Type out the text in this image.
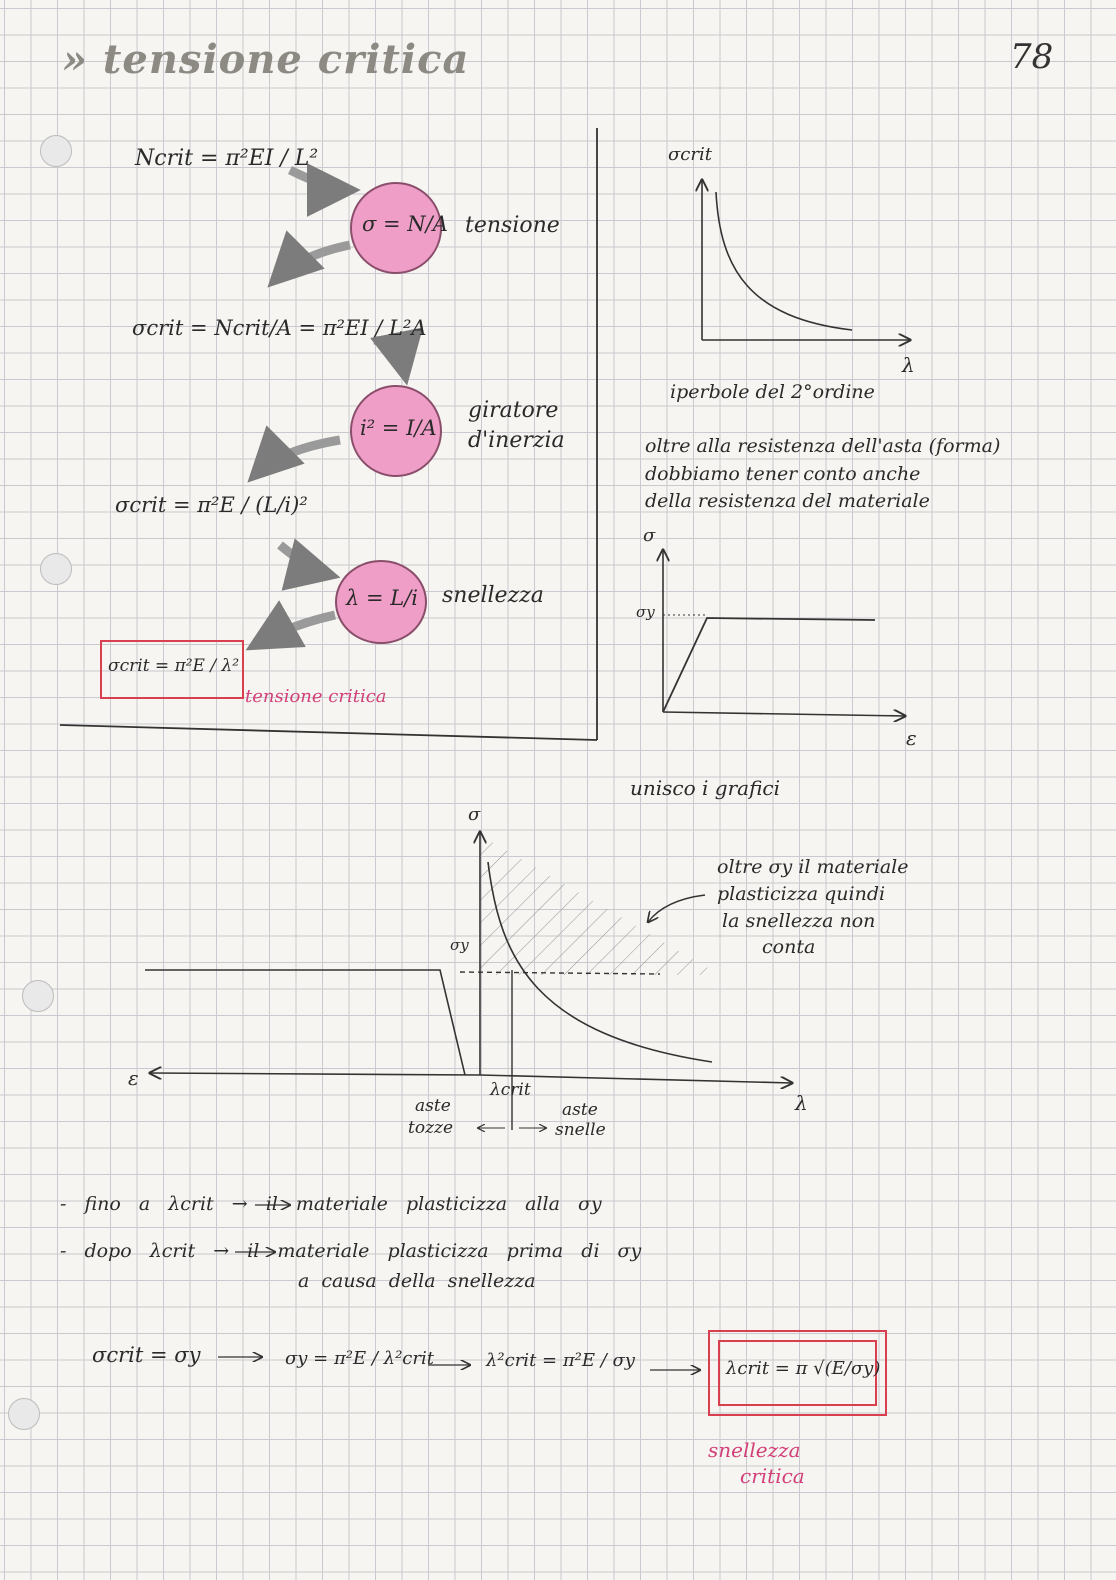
» tensione critica	78
Ncrit = π²EI / L²
σ = N/A tensione
σcrit = Ncrit/A = π²EI / L²A
i² = I/A
giratore
d'inerzia
σcrit = π²E / (L/i)²
λ = L/i snellezza
σcrit = π²E / λ²
tensione critica
σcrit
λ
iperbole del 2°ordine
oltre alla resistenza dell'asta (forma)
dobbiamo tener conto anche
della resistenza del materiale
σ
σy
ε
unisco i grafici
σ
σy
ε
λ
λcrit
aste
tozze
aste
snelle
oltre σy il materiale
plasticizza quindi
la snellezza non
conta
- fino a λcrit → il materiale plasticizza alla σy
- dopo λcrit → il materiale plasticizza prima di σy
a causa della snellezza
σcrit = σy	σy = π²E / λ²crit	λ²crit = π²E / σy	λcrit = π √(E/σy)
snellezza
critica
